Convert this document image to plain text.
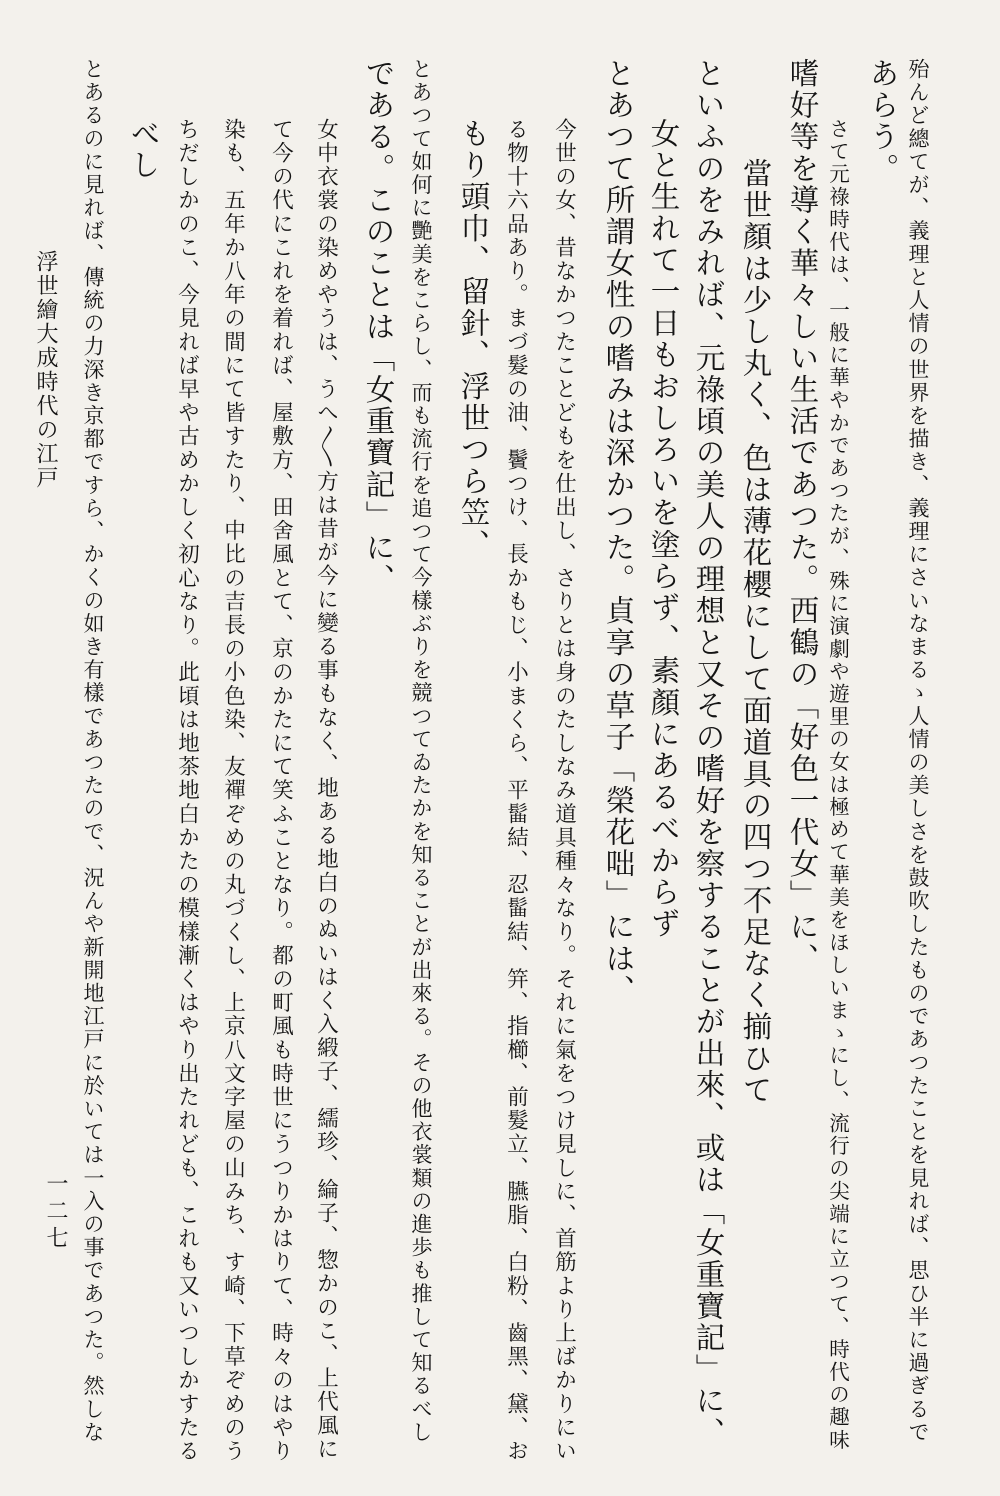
殆んど總てが、義理と人情の世界を描き、義理にさいなまるゝ人情の美しさを鼓吹したものであつたことを見れば、思ひ半に過ぎるで
あらう。
さて元祿時代は、一般に華やかであつたが、殊に演劇や遊里の女は極めて華美をほしいまゝにし、流行の尖端に立つて、時代の趣味
嗜好等を導く華々しい生活であつた。西鶴の「好色一代女」に、
當世顏は少し丸く、色は薄花櫻にして面道具の四つ不足なく揃ひて
といふのをみれば、元祿頃の美人の理想と又その嗜好を察することが出來、或は「女重寶記」に、
女と生れて一日もおしろいを塗らず、素顏にあるべからず
とあつて所謂女性の嗜みは深かつた。貞享の草子「榮花咄」には、
今世の女、昔なかつたことどもを仕出し、さりとは身のたしなみ道具種々なり。それに氣をつけ見しに、首筋より上ばかりにい
る物十六品あり。まづ髮の油、鬢つけ、長かもじ、小まくら、平髷結、忍髷結、笄、指櫛、前髮立、臙脂、白粉、齒黑、黛、お
もり頭巾、留針、浮世つら笠、
とあつて如何に艷美をこらし、而も流行を追つて今樣ぶりを競つてゐたかを知ることが出來る。その他衣裳類の進歩も推して知るべし
である。このことは「女重寶記」に、
女中衣裳の染めやうは、うへ〳〵方は昔が今に變る事もなく、地ある地白のぬいはく入緞子、繻珍、綸子、惣かのこ、上代風に
て今の代にこれを着れば、屋敷方、田舍風とて、京のかたにて笑ふことなり。都の町風も時世にうつりかはりて、時々のはやり
染も、五年か八年の間にて皆すたり、中比の吉長の小色染、友禪ぞめの丸づくし、上京八文字屋の山みち、す崎、下草ぞめのう
ちだしかのこ、今見れば早や古めかしく初心なり。此頃は地茶地白かたの模樣漸くはやり出たれども、これも又いつしかすたる
べし
とあるのに見れば、傳統の力深き京都ですら、かくの如き有樣であつたので、況んや新開地江戸に於いては一入の事であつた。然しな
浮世繪大成時代の江戸
一二七
